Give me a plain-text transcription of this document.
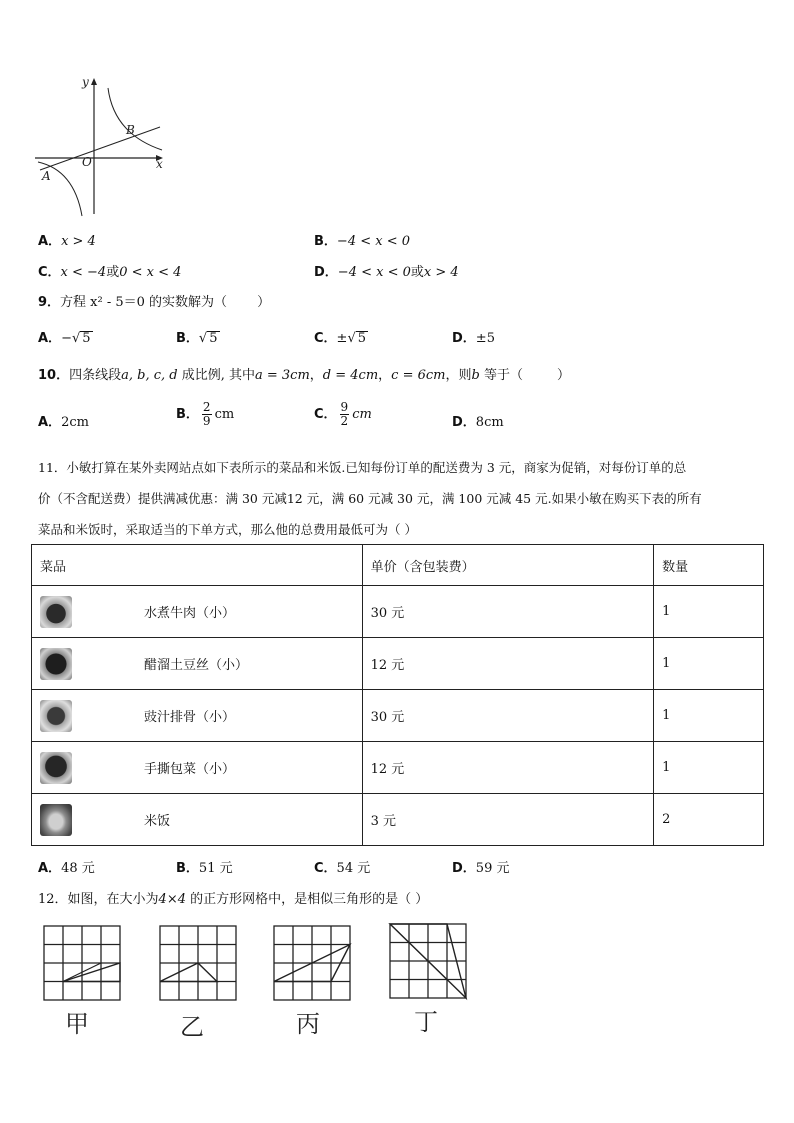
y
x
O
B
A
A．x > 4	B．−4 < x < 0
C．x < −4或0 < x < 4	D．−4 < x < 0或x > 4
9．方程 x² - 5＝0 的实数解为（ ）
A．−√ 5	B．√ 5	C．±√ 5	D．±5
10．四条线段a, b, c, d 成比例, 其中a = 3cm，d = 4cm，c = 6cm，则b 等于（	）
A．2cm
B． $\frac{2}{9}$ cm	C． $\frac{9}{2}$ cm
D．8cm
11．小敏打算在某外卖网站点如下表所示的菜品和米饭.已知每份订单的配送费为 3 元，商家为促销，对每份订单的总
价（不含配送费）提供满减优惠：满 30 元减12 元，满 60 元减 30 元，满 100 元减 45 元.如果小敏在购买下表的所有
菜品和米饭时，采取适当的下单方式，那么他的总费用最低可为（ ）
菜品	单价（含包装费）	数量
水煮牛肉（小）	30 元	1
醋溜土豆丝（小）	12 元	1
豉汁排骨（小）	30 元	1
手撕包菜（小）	12 元	1
米饭	3 元	2
A．48 元	B．51 元	C．54 元	D．59 元
12．如图，在大小为4×4 的正方形网格中，是相似三角形的是（ ）
甲	乙	丙	丁
